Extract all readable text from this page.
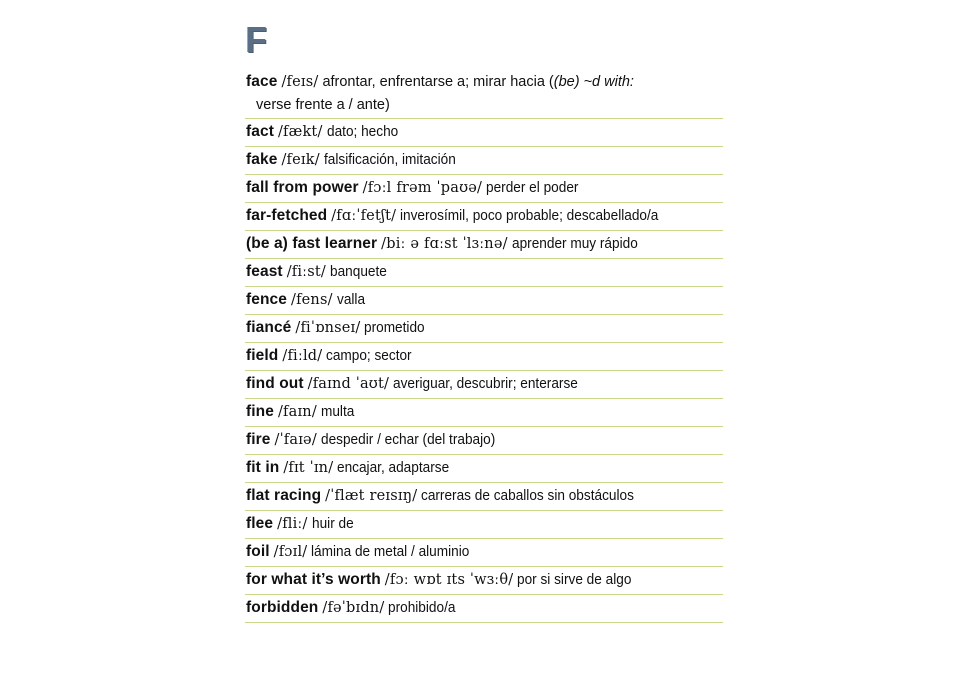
F
face /feɪs/ afrontar, enfrentarse a; mirar hacia ((be) ~d with:
verse frente a / ante)
fact /fækt/ dato; hecho
fake /feɪk/ falsificación, imitación
fall from power /fɔːl frəm ˈpaʊə/ perder el poder
far-fetched /fɑːˈfetʃt/ inverosímil, poco probable; descabellado/a
(be a) fast learner /biː ə fɑːst ˈlɜːnə/ aprender muy rápido
feast /fiːst/ banquete
fence /fens/ valla
fiancé /fiˈɒnseɪ/ prometido
field /fiːld/ campo; sector
find out /faɪnd ˈaʊt/ averiguar, descubrir; enterarse
fine /faɪn/ multa
fire /ˈfaɪə/ despedir / echar (del trabajo)
fit in /fɪt ˈɪn/ encajar, adaptarse
flat racing /ˈflæt reɪsɪŋ/ carreras de caballos sin obstáculos
flee /fliː/ huir de
foil /fɔɪl/ lámina de metal / aluminio
for what it’s worth /fɔː wɒt ɪts ˈwɜːθ/ por si sirve de algo
forbidden /fəˈbɪdn/ prohibido/a
